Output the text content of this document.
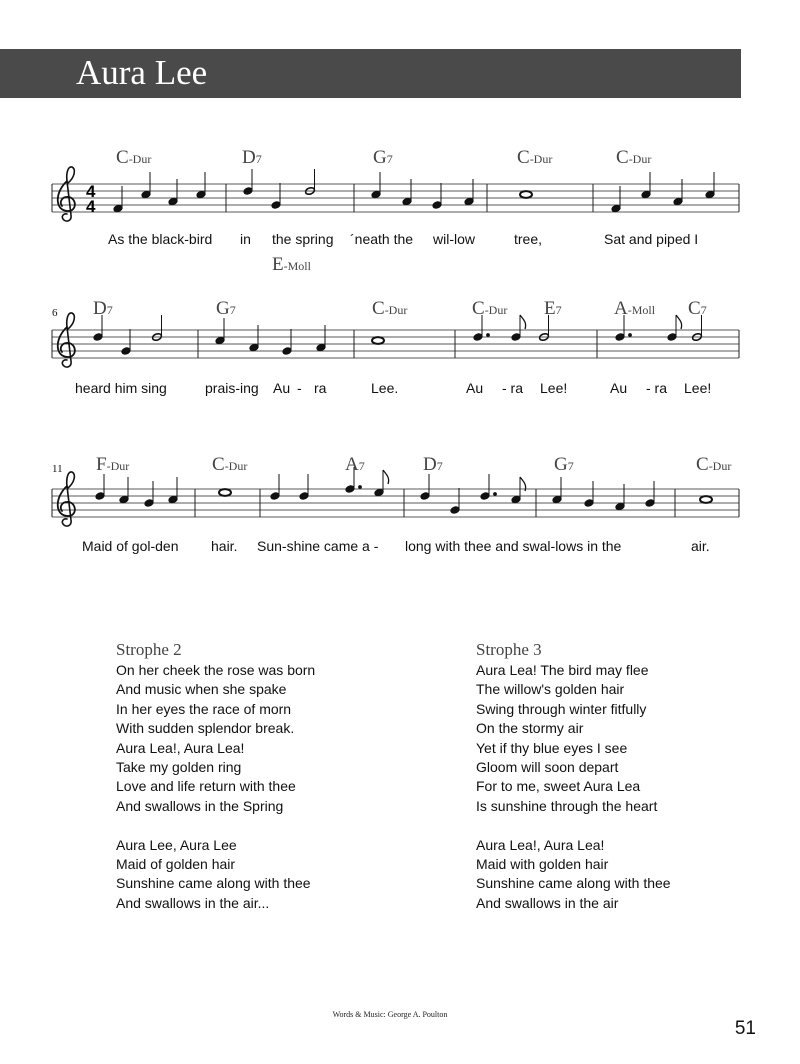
Aura Lee
4
4
C-Dur	D7	G7	C-Dur	C-Dur
E-Moll
As the black-bird in the spring ´neath the wil-low	tree,	Sat and piped I
6 D7	G7	C-Dur	C-Dur E7	A-Moll C7
heard him sing	prais-ing Au - ra	Lee.	Au - ra Lee!	Au - ra Lee!
11 F-Dur	C-Dur	A7	D7	G7	C-Dur
Maid of gol-den hair. Sun-shine came a - long with thee and swal-lows in the	air.
Strophe 2
On her cheek the rose was born
And music when she spake
In her eyes the race of morn
With sudden splendor break.
Aura Lea!, Aura Lea!
Take my golden ring
Love and life return with thee
And swallows in the Spring
Aura Lee, Aura Lee
Maid of golden hair
Sunshine came along with thee
And swallows in the air...
Strophe 3
Aura Lea! The bird may flee
The willow's golden hair
Swing through winter fitfully
On the stormy air
Yet if thy blue eyes I see
Gloom will soon depart
For to me, sweet Aura Lea
Is sunshine through the heart
Aura Lea!, Aura Lea!
Maid with golden hair
Sunshine came along with thee
And swallows in the air
Words & Music: George A. Poulton
51
